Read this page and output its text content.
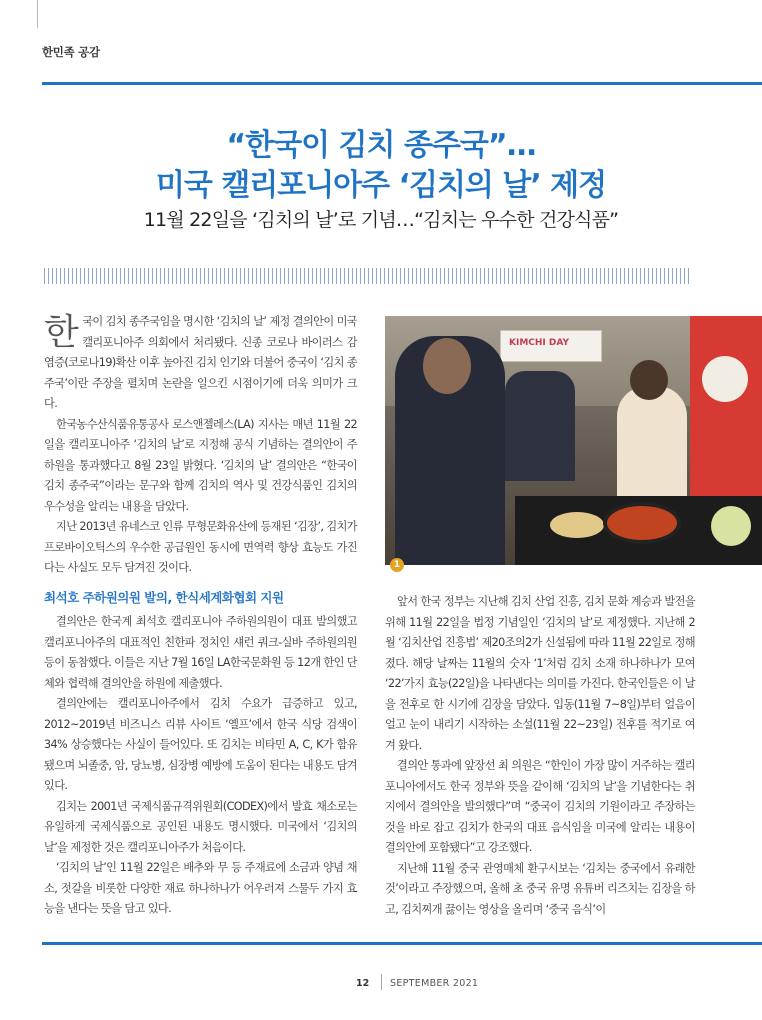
한민족 공감
“한국이 김치 종주국”…
미국 캘리포니아주 ‘김치의 날’ 제정
11월 22일을 ‘김치의 날’로 기념…“김치는 우수한 건강식품”

한국이 김치 종주국임을 명시한 ‘김치의 날’ 제정 결의안이 미국 캘리포니아주 의회에서 처리됐다. 신종 코로나 바이러스 감염증(코로나19)확산 이후 높아진 김치 인기와 더불어 중국이 ‘김치 종주국’이란 주장을 펼치며 논란을 일으킨 시점이기에 더욱 의미가 크다.

한국농수산식품유통공사 로스앤젤레스(LA) 지사는 매년 11월 22일을 캘리포니아주 ‘김치의 날’로 지정해 공식 기념하는 결의안이 주 하원을 통과했다고 8월 23일 밝혔다. ‘김치의 날’ 결의안은 “한국이 김치 종주국”이라는 문구와 함께 김치의 역사 및 건강식품인 김치의 우수성을 알리는 내용을 담았다.

지난 2013년 유네스코 인류 무형문화유산에 등재된 ‘김장’, 김치가 프로바이오틱스의 우수한 공급원인 동시에 면역력 향상 효능도 가진다는 사실도 모두 담겨진 것이다.

최석호 주하원의원 발의, 한식세계화협회 지원

결의안은 한국계 최석호 캘리포니아 주하원의원이 대표 발의했고 캘리포니아주의 대표적인 친한파 정치인 섀런 쿼크-실바 주하원의원 등이 동참했다. 이들은 지난 7월 16일 LA한국문화원 등 12개 한인 단체와 협력해 결의안을 하원에 제출했다.

결의안에는 캘리포니아주에서 김치 수요가 급증하고 있고, 2012~2019년 비즈니스 리뷰 사이트 ‘옐프’에서 한국 식당 검색이 34% 상승했다는 사실이 들어있다. 또 김치는 비타민 A, C, K가 함유됐으며 뇌졸중, 암, 당뇨병, 심장병 예방에 도움이 된다는 내용도 담겨 있다.

김치는 2001년 국제식품규격위원회(CODEX)에서 발효 채소로는 유일하게 국제식품으로 공인된 내용도 명시했다. 미국에서 ‘김치의 날’을 제정한 것은 캘리포니아주가 처음이다.

‘김치의 날’인 11월 22일은 배추와 무 등 주재료에 소금과 양념 채소, 젓갈을 비롯한 다양한 재료 하나하나가 어우러져 스물두 가지 효능을 낸다는 뜻을 담고 있다.

KIMCHI DAY
1

앞서 한국 정부는 지난해 김치 산업 진흥, 김치 문화 계승과 발전을 위해 11월 22일을 법정 기념일인 ‘김치의 날’로 제정했다. 지난해 2월 ‘김치산업 진흥법’ 제20조의2가 신설됨에 따라 11월 22일로 정해졌다. 해당 날짜는 11월의 숫자 ‘1’처럼 김치 소재 하나하나가 모여 ‘22’가지 효능(22일)을 나타낸다는 의미를 가진다. 한국인들은 이 날을 전후로 한 시기에 김장을 담았다. 입동(11월 7~8일)부터 얼음이 얼고 눈이 내리기 시작하는 소설(11월 22~23일) 전후를 적기로 여겨 왔다.

결의안 통과에 앞장선 최 의원은 “한인이 가장 많이 거주하는 캘리포니아에서도 한국 정부와 뜻을 같이해 ‘김치의 날’을 기념한다는 취지에서 결의안을 발의했다”며 “중국이 김치의 기원이라고 주장하는 것을 바로 잡고 김치가 한국의 대표 음식임을 미국에 알리는 내용이 결의안에 포함됐다”고 강조했다.

지난해 11월 중국 관영매체 환구시보는 ‘김치는 중국에서 유래한 것’이라고 주장했으며, 올해 초 중국 유명 유튜버 리즈치는 김장을 하고, 김치찌개 끓이는 영상을 올리며 ‘중국 음식’이

12 SEPTEMBER 2021
